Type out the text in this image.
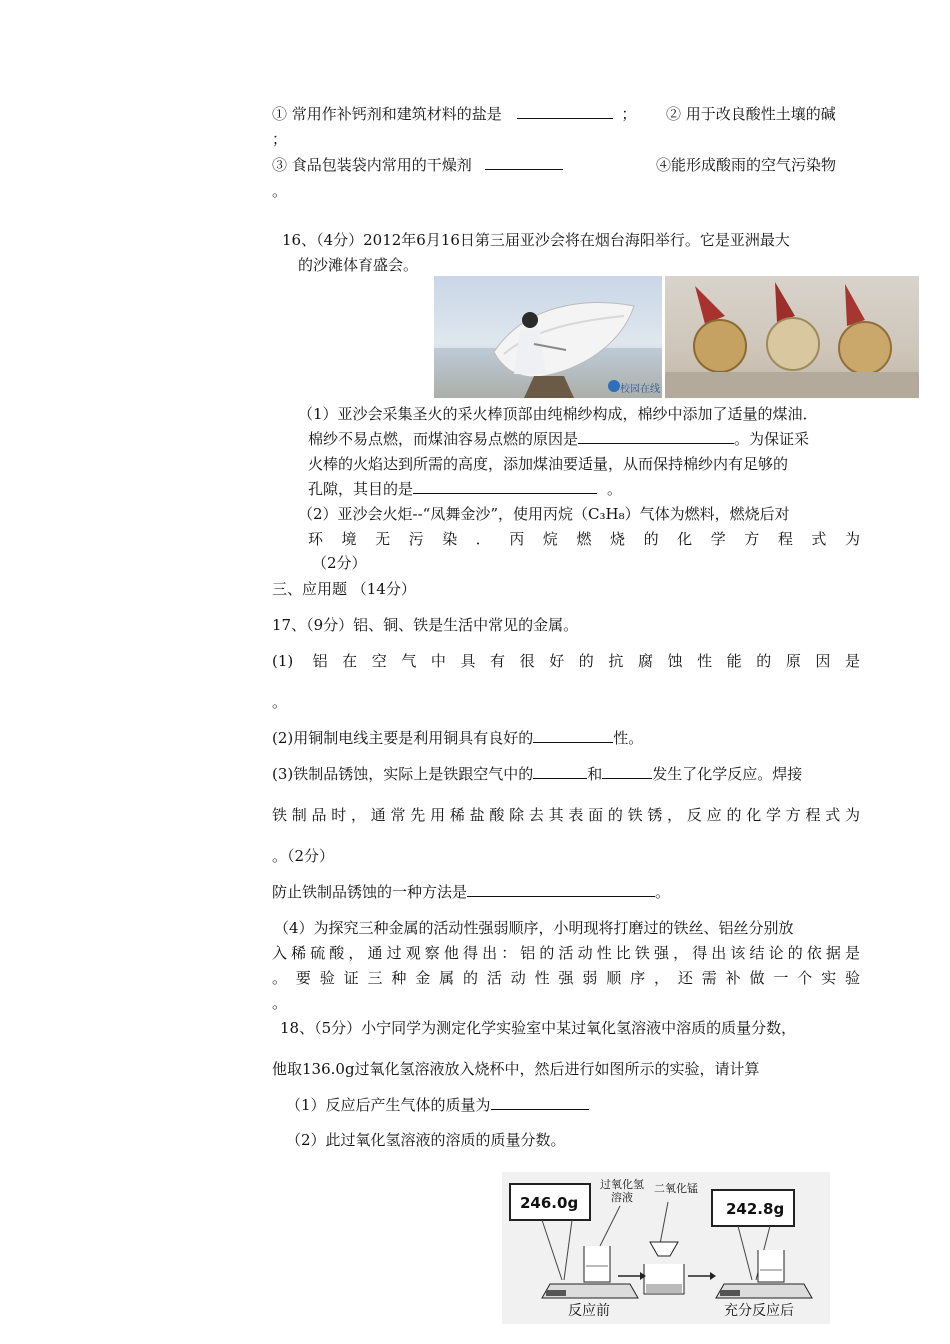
① 常用作补钙剂和建筑材料的盐是	； ② 用于改良酸性土壤的碱
；
③ 食品包装袋内常用的干燥剂	④能形成酸雨的空气污染物
。
16、（4分）2012年6月16日第三届亚沙会将在烟台海阳举行。它是亚洲最大
的沙滩体育盛会。
校园在线
（1）亚沙会采集圣火的采火棒顶部由纯棉纱构成，棉纱中添加了适量的煤油．
棉纱不易点燃，而煤油容易点燃的原因是	。为保证采
火棒的火焰达到所需的高度，添加煤油要适量，从而保持棉纱内有足够的
孔隙，其目的是	。
（2）亚沙会火炬--“凤舞金沙”，使用丙烷（C₃H₈）气体为燃料，燃烧后对
环境无污染．丙烷燃烧的化学方程式为
（2分）
三、应用题 （14分）
17、（9分）铝、铜、铁是生活中常见的金属。
(1) 铝在空气中具有很好的抗腐蚀性能的原因是
。
(2)用铜制电线主要是利用铜具有良好的	性。
(3)铁制品锈蚀，实际上是铁跟空气中的	和	发生了化学反应。焊接
铁制品时，通常先用稀盐酸除去其表面的铁锈，反应的化学方程式为
。（2分）
防止铁制品锈蚀的一种方法是	。
（4）为探究三种金属的活动性强弱顺序，小明现将打磨过的铁丝、铝丝分别放
入稀硫酸，通过观察他得出：铝的活动性比铁强，得出该结论的依据是
。要验证三种金属的活动性强弱顺序，还需补做一个实验
。
18、（5分）小宁同学为测定化学实验室中某过氧化氢溶液中溶质的质量分数，
他取136.0g过氧化氢溶液放入烧杯中，然后进行如图所示的实验，请计算
（1）反应后产生气体的质量为
（2）此过氧化氢溶液的溶质的质量分数。
246.0g	242.8g
过氧化氢
溶液
二氧化锰
反应前	充分反应后
